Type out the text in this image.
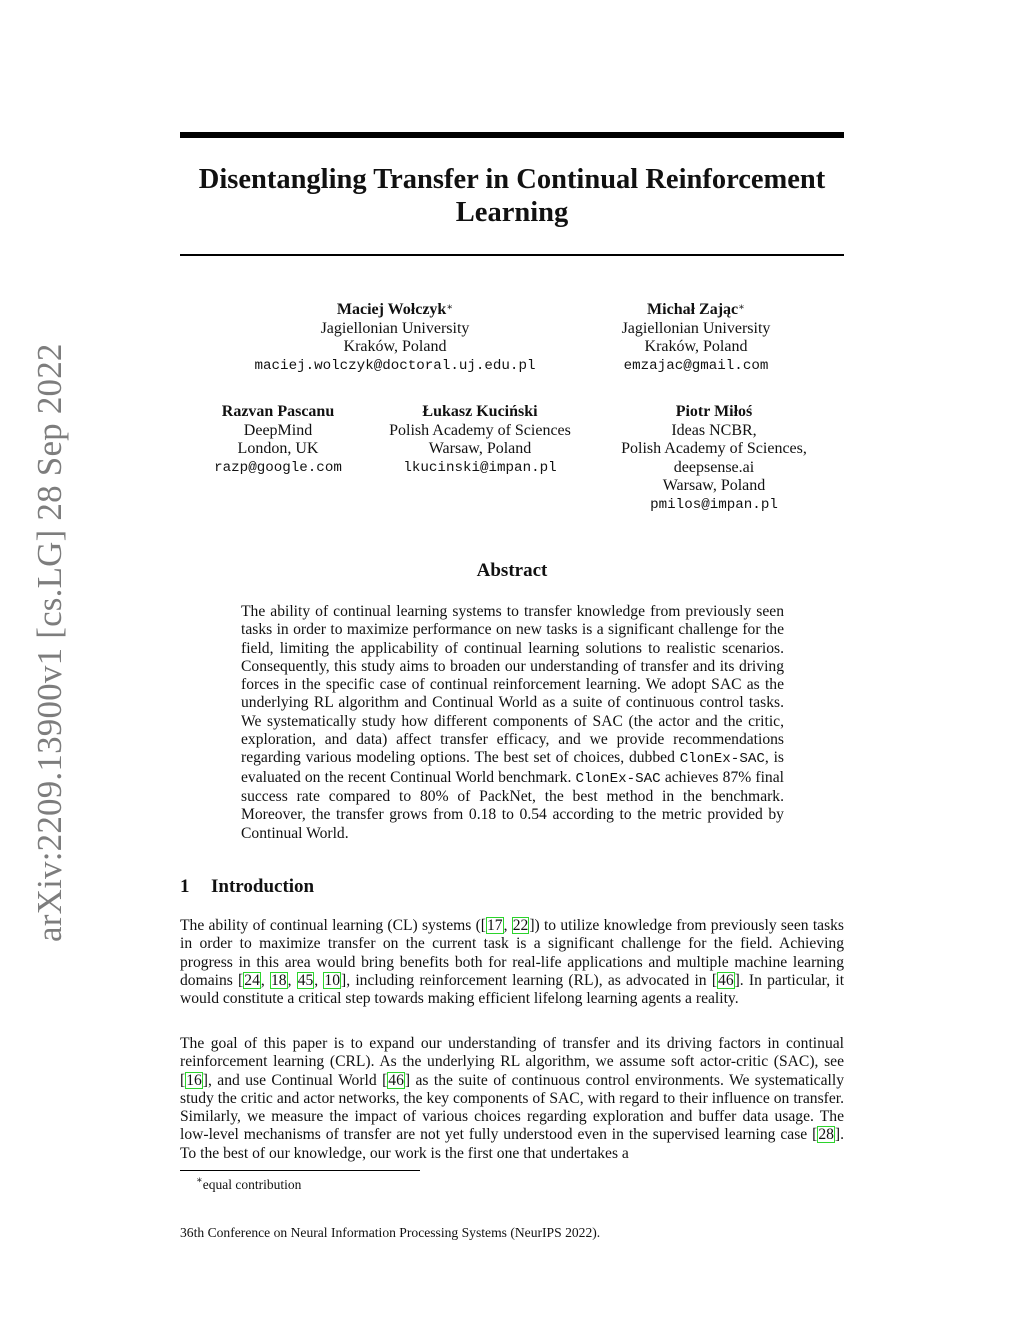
arXiv:2209.13900v1 [cs.LG] 28 Sep 2022
Disentangling Transfer in Continual Reinforcement Learning
Maciej Wołczyk∗
Jagiellonian University
Kraków, Poland
maciej.wolczyk@doctoral.uj.edu.pl
Michał Zając∗
Jagiellonian University
Kraków, Poland
emzajac@gmail.com
Razvan Pascanu
DeepMind
London, UK
razp@google.com
Łukasz Kuciński
Polish Academy of Sciences
Warsaw, Poland
lkucinski@impan.pl
Piotr Miłoś
Ideas NCBR,
Polish Academy of Sciences,
deepsense.ai
Warsaw, Poland
pmilos@impan.pl
Abstract
The ability of continual learning systems to transfer knowledge from previously seen tasks in order to maximize performance on new tasks is a significant challenge for the field, limiting the applicability of continual learning solutions to realistic scenarios. Consequently, this study aims to broaden our understanding of transfer and its driving forces in the specific case of continual reinforcement learning. We adopt SAC as the underlying RL algorithm and Continual World as a suite of continuous control tasks. We systematically study how different components of SAC (the actor and the critic, exploration, and data) affect transfer efficacy, and we provide recommendations regarding various modeling options. The best set of choices, dubbed ClonEx-SAC, is evaluated on the recent Continual World benchmark. ClonEx-SAC achieves 87% final success rate compared to 80% of PackNet, the best method in the benchmark. Moreover, the transfer grows from 0.18 to 0.54 according to the metric provided by Continual World.
1 Introduction
The ability of continual learning (CL) systems ([17, 22]) to utilize knowledge from previously seen tasks in order to maximize transfer on the current task is a significant challenge for the field. Achieving progress in this area would bring benefits both for real-life applications and multiple machine learning domains [24, 18, 45, 10], including reinforcement learning (RL), as advocated in [46]. In particular, it would constitute a critical step towards making efficient lifelong learning agents a reality.
The goal of this paper is to expand our understanding of transfer and its driving factors in continual reinforcement learning (CRL). As the underlying RL algorithm, we assume soft actor-critic (SAC), see [16], and use Continual World [46] as the suite of continuous control environments. We systematically study the critic and actor networks, the key components of SAC, with regard to their influence on transfer. Similarly, we measure the impact of various choices regarding exploration and buffer data usage. The low-level mechanisms of transfer are not yet fully understood even in the supervised learning case [28]. To the best of our knowledge, our work is the first one that undertakes a
∗equal contribution
36th Conference on Neural Information Processing Systems (NeurIPS 2022).
